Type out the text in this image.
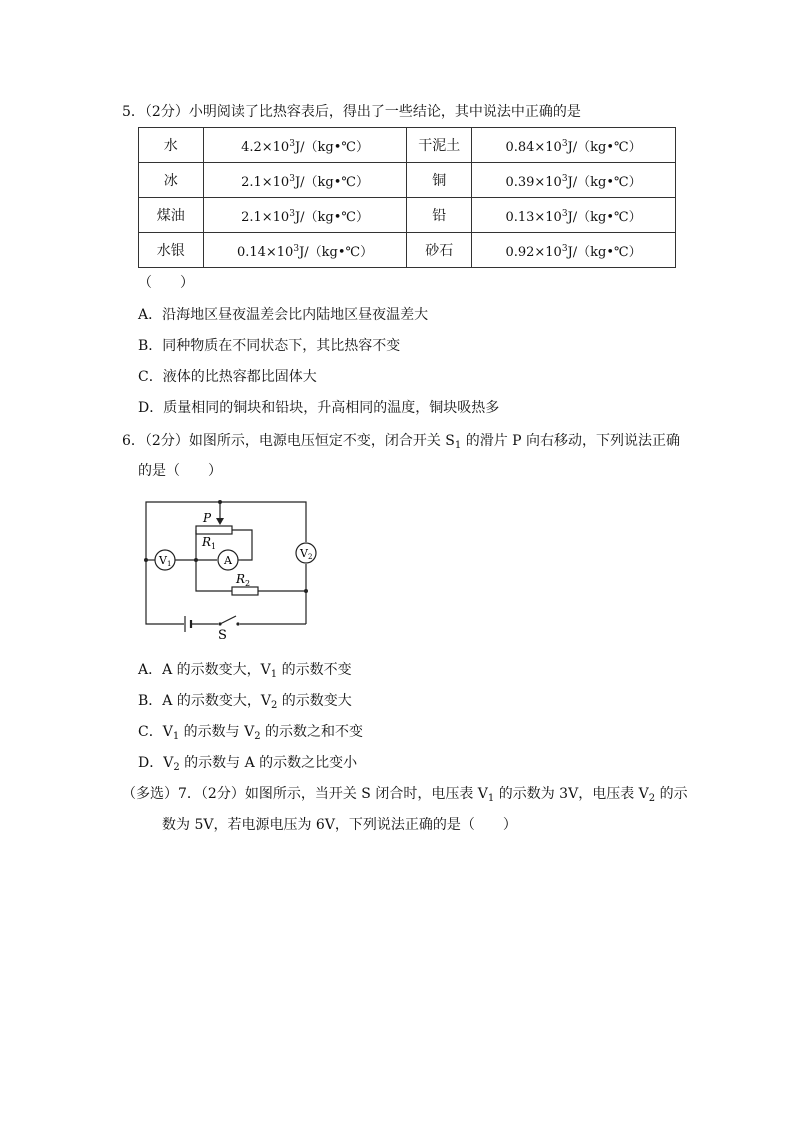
5．（2分）小明阅读了比热容表后，得出了一些结论，其中说法中正确的是
水	$4.2\times 10^3J/(kg•℃)$	干泥土	$0.84\times 10^3J/(kg•℃)$
冰	$2.1\times 10^3J/(kg•℃)$	铜	$0.39\times 10^3J/(kg•℃)$
煤油	$2.1\times 10^3J/(kg•℃)$	铅	$0.13\times 10^3J/(kg•℃)$
水银	$0.14\times 10^3J/(kg•℃)$	砂石	$0.92\times 10^3J/(kg•℃)$
（　　）
A．沿海地区昼夜温差会比内陆地区昼夜温差大
B．同种物质在不同状态下，其比热容不变
C．液体的比热容都比固体大
D．质量相同的铜块和铅块，升高相同的温度，铜块吸热多
6．（2分）如图所示，电源电压恒定不变，闭合开关 $S_1$ 的滑片 P 向右移动，下列说法正确
的是（　　）
S
P
$R_1$
V1	A
$R_2$
V2
A．A 的示数变大，$V_1$ 的示数不变
B．A 的示数变大，$V_2$ 的示数变大
C．$V_1$ 的示数与 $V_2$ 的示数之和不变
D．$V_2$ 的示数与 A 的示数之比变小
（多选）7．（2分）如图所示，当开关 S 闭合时，电压表 $V_1$ 的示数为 3V，电压表 $V_2$ 的示
数为 5V，若电源电压为 6V，下列说法正确的是（　　）
